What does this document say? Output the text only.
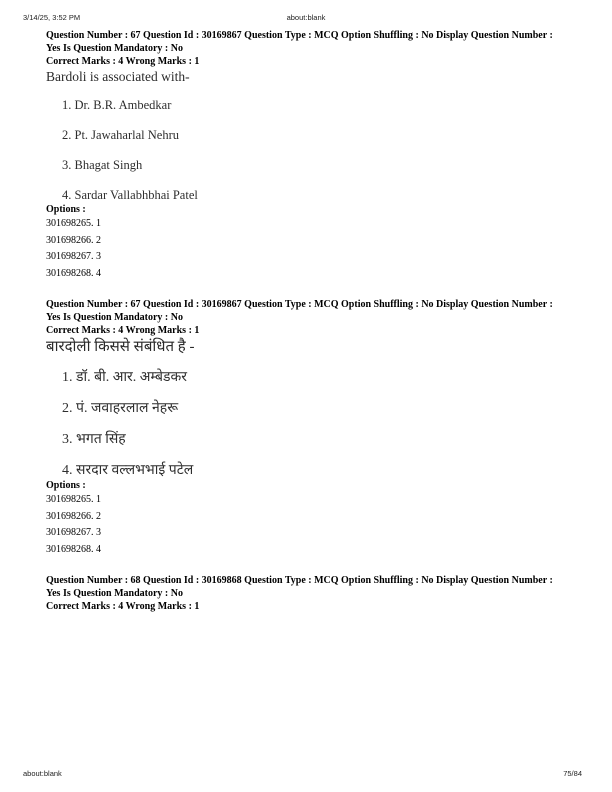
3/14/25, 3:52 PM	about:blank

Question Number : 67 Question Id : 30169867 Question Type : MCQ Option Shuffling : No Display Question Number : Yes Is Question Mandatory : No

Correct Marks : 4 Wrong Marks : 1

Bardoli is associated with-

1. Dr. B.R. Ambedkar

2. Pt. Jawaharlal Nehru

3. Bhagat Singh

4. Sardar Vallabhbhai Patel

Options :

301698265. 1

301698266. 2

301698267. 3

301698268. 4

Question Number : 67 Question Id : 30169867 Question Type : MCQ Option Shuffling : No Display Question Number : Yes Is Question Mandatory : No

Correct Marks : 4 Wrong Marks : 1

बारदोली किससे संबंधित है -

1. डॉ. बी. आर. अम्बेडकर

2. पं. जवाहरलाल नेहरू

3. भगत सिंह

4. सरदार वल्लभभाई पटेल

Options :

301698265. 1

301698266. 2

301698267. 3

301698268. 4

Question Number : 68 Question Id : 30169868 Question Type : MCQ Option Shuffling : No Display Question Number : Yes Is Question Mandatory : No

Correct Marks : 4 Wrong Marks : 1

about:blank	75/84
